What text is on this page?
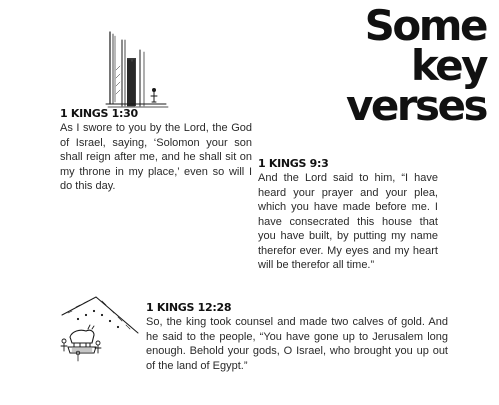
Some
key
verses
1 KINGS 1:30
As I swore to you by the Lord, the God of Israel, saying, ‘Solomon your son shall reign after me, and he shall sit on my throne in my place,’ even so will I do this day.
1 KINGS 9:3
And the Lord said to him, “I have heard your prayer and your plea, which you have made before me. I have consecrated this house that you have built, by putting my name therefor ever. My eyes and my heart will be therefor all time.”
1 KINGS 12:28
So, the king took counsel and made two calves of gold. And he said to the people, “You have gone up to Jerusalem long enough. Behold your gods, O Israel, who brought you up out of the land of Egypt.”
